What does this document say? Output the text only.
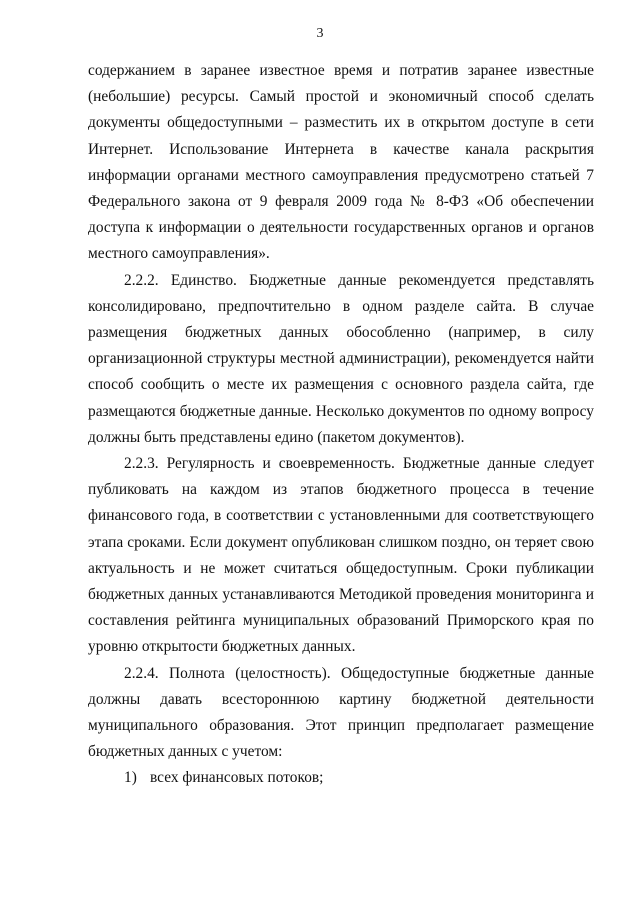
3

содержанием в заранее известное время и потратив заранее известные (небольшие) ресурсы. Самый простой и экономичный способ сделать документы общедоступными – разместить их в открытом доступе в сети Интернет. Использование Интернета в качестве канала раскрытия информации органами местного самоуправления предусмотрено статьей 7 Федерального закона от 9 февраля 2009 года № 8-ФЗ «Об обеспечении доступа к информации о деятельности государственных органов и органов местного самоуправления».

2.2.2. Единство. Бюджетные данные рекомендуется представлять консолидировано, предпочтительно в одном разделе сайта. В случае размещения бюджетных данных обособленно (например, в силу организационной структуры местной администрации), рекомендуется найти способ сообщить о месте их размещения с основного раздела сайта, где размещаются бюджетные данные. Несколько документов по одному вопросу должны быть представлены едино (пакетом документов).

2.2.3. Регулярность и своевременность. Бюджетные данные следует публиковать на каждом из этапов бюджетного процесса в течение финансового года, в соответствии с установленными для соответствующего этапа сроками. Если документ опубликован слишком поздно, он теряет свою актуальность и не может считаться общедоступным. Сроки публикации бюджетных данных устанавливаются Методикой проведения мониторинга и составления рейтинга муниципальных образований Приморского края по уровню открытости бюджетных данных.

2.2.4. Полнота (целостность). Общедоступные бюджетные данные должны давать всестороннюю картину бюджетной деятельности муниципального образования. Этот принцип предполагает размещение бюджетных данных с учетом:

1) всех финансовых потоков;
